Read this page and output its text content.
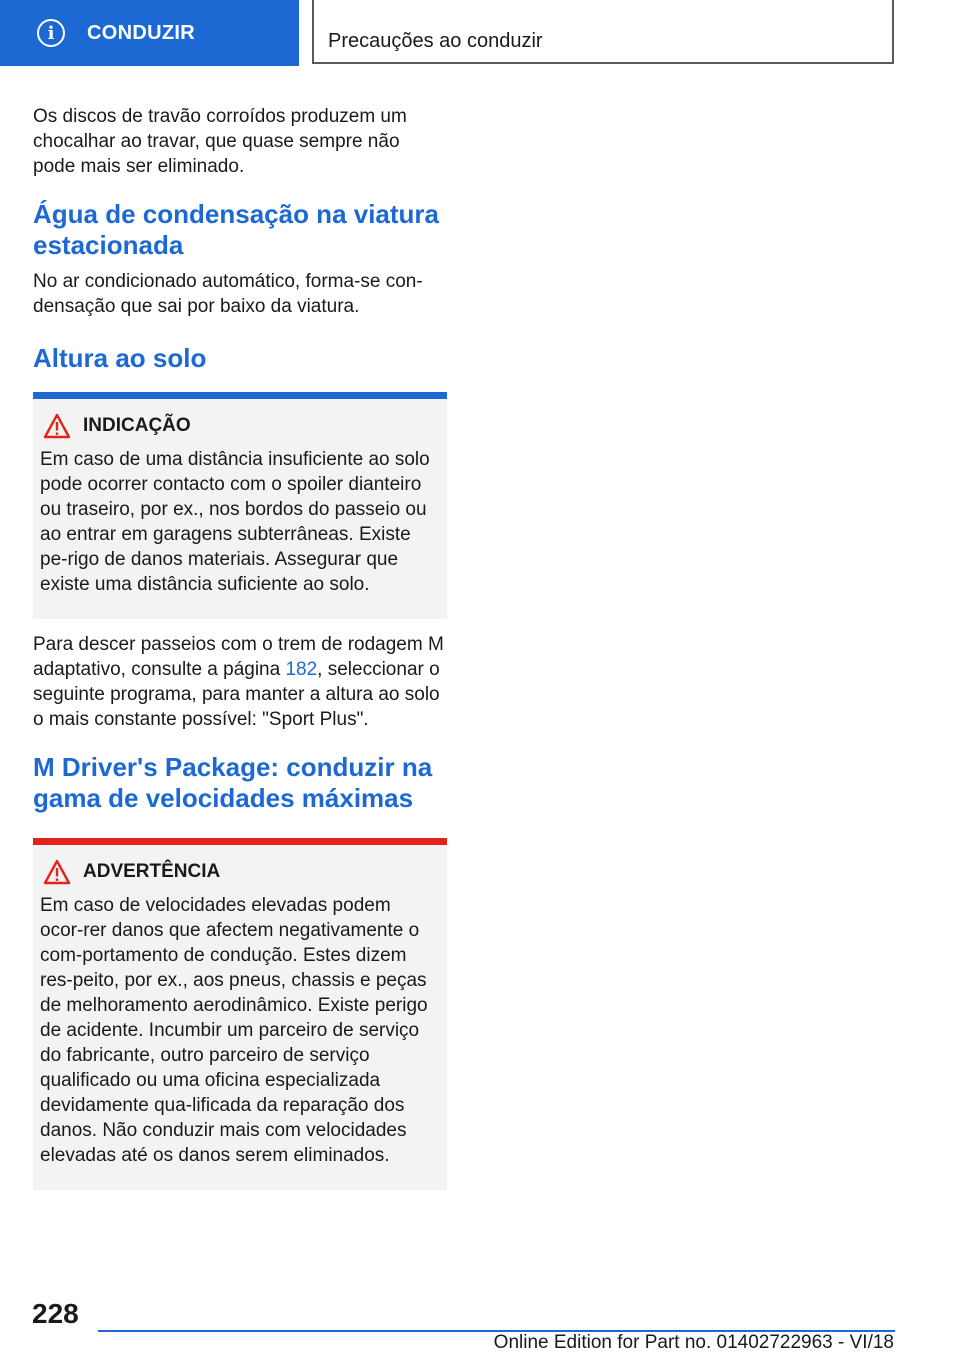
i	CONDUZIR	Precauções ao conduzir

Os discos de travão corroídos produzem um chocalhar ao travar, que quase sempre não pode mais ser eliminado.

Água de condensação na viatura estacionada

No ar condicionado automático, forma-se con-densação que sai por baixo da viatura.

Altura ao solo
INDICAÇÃO

Em caso de uma distância insuficiente ao solo pode ocorrer contacto com o spoiler dianteiro ou traseiro, por ex., nos bordos do passeio ou ao entrar em garagens subterrâneas. Existe pe-rigo de danos materiais. Assegurar que existe uma distância suficiente ao solo.

Para descer passeios com o trem de rodagem M adaptativo, consulte a página 182, seleccionar o seguinte programa, para manter a altura ao solo o mais constante possível: "Sport Plus".

M Driver's Package: conduzir na gama de velocidades máximas
ADVERTÊNCIA

Em caso de velocidades elevadas podem ocor-rer danos que afectem negativamente o com-portamento de condução. Estes dizem res-peito, por ex., aos pneus, chassis e peças de melhoramento aerodinâmico. Existe perigo de acidente. Incumbir um parceiro de serviço do fabricante, outro parceiro de serviço qualificado ou uma oficina especializada devidamente qua-lificada da reparação dos danos. Não conduzir mais com velocidades elevadas até os danos serem eliminados.

228
Online Edition for Part no. 01402722963 - VI/18
